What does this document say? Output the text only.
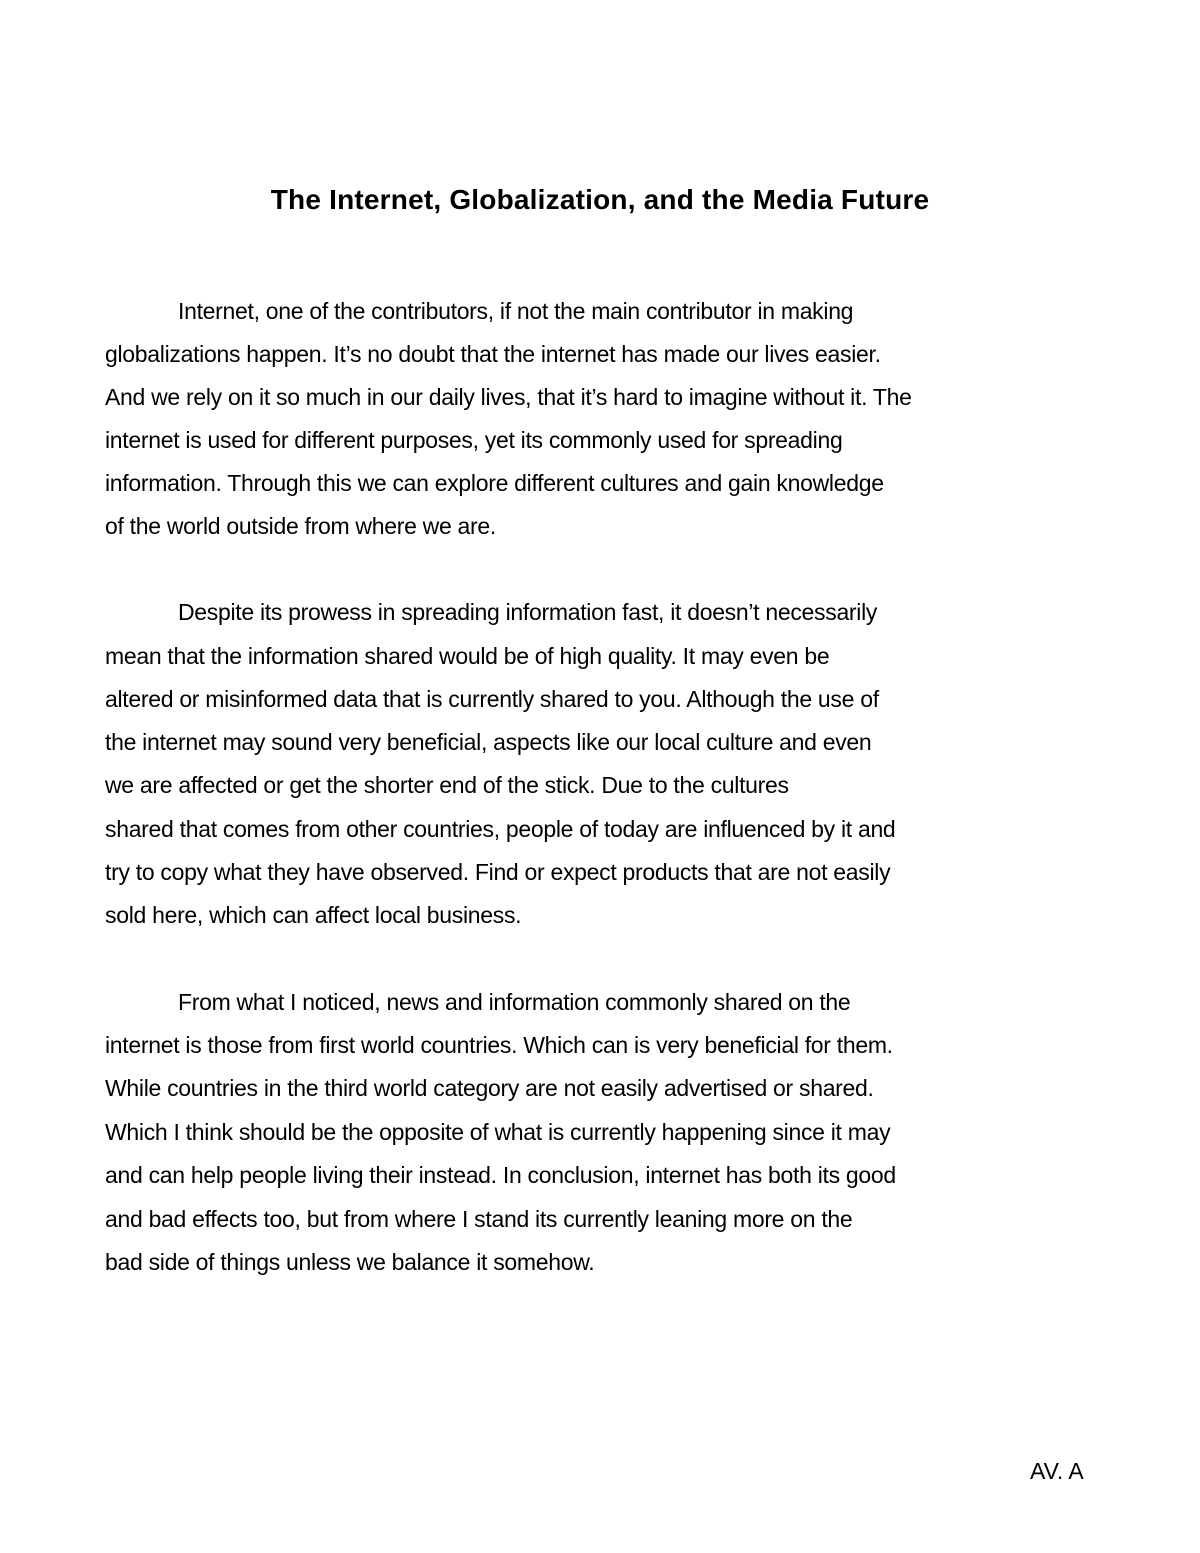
The Internet, Globalization, and the Media Future

Internet, one of the contributors, if not the main contributor in making

globalizations happen. It’s no doubt that the internet has made our lives easier.

And we rely on it so much in our daily lives, that it’s hard to imagine without it. The

internet is used for different purposes, yet its commonly used for spreading

information. Through this we can explore different cultures and gain knowledge

of the world outside from where we are.

Despite its prowess in spreading information fast, it doesn’t necessarily

mean that the information shared would be of high quality. It may even be

altered or misinformed data that is currently shared to you. Although the use of

the internet may sound very beneficial, aspects like our local culture and even

we are affected or get the shorter end of the stick. Due to the cultures

shared that comes from other countries, people of today are influenced by it and

try to copy what they have observed. Find or expect products that are not easily

sold here, which can affect local business.

From what I noticed, news and information commonly shared on the

internet is those from first world countries. Which can is very beneficial for them.

While countries in the third world category are not easily advertised or shared.

Which I think should be the opposite of what is currently happening since it may

and can help people living their instead. In conclusion, internet has both its good

and bad effects too, but from where I stand its currently leaning more on the

bad side of things unless we balance it somehow.

AV. A
